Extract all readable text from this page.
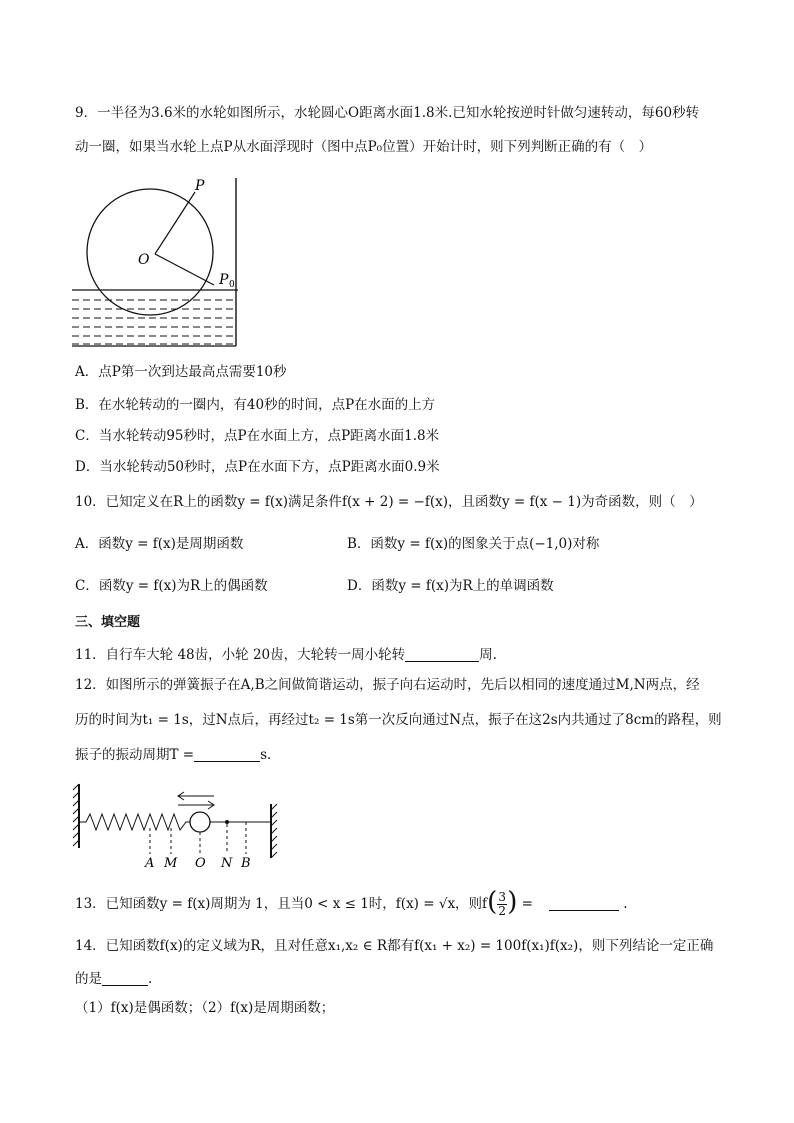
9．一半径为3.6米的水轮如图所示，水轮圆心O距离水面1.8米.已知水轮按逆时针做匀速转动，每60秒转
动一圈，如果当水轮上点P从水面浮现时（图中点P₀位置）开始计时，则下列判断正确的有（　）
P
O
P 0
A．点P第一次到达最高点需要10秒
B．在水轮转动的一圈内，有40秒的时间，点P在水面的上方
C．当水轮转动95秒时，点P在水面上方，点P距离水面1.8米
D．当水轮转动50秒时，点P在水面下方，点P距离水面0.9米
10．已知定义在R上的函数y = f(x)满足条件f(x + 2) = −f(x)，且函数y = f(x − 1)为奇函数，则（　）
A．函数y = f(x)是周期函数	B．函数y = f(x)的图象关于点(−1,0)对称
C．函数y = f(x)为R上的偶函数	D．函数y = f(x)为R上的单调函数
三、填空题
11．自行车大轮 48齿，小轮 20齿，大轮转一周小轮转	周.
12．如图所示的弹簧振子在A,B之间做简谐运动，振子向右运动时，先后以相同的速度通过M,N两点，经
历的时间为t₁ = 1s，过N点后，再经过t₂ = 1s第一次反向通过N点，振子在这2s内共通过了8cm的路程，则
振子的振动周期T =	s．
A M O N B
13．已知函数y = f(x)周期为 1，且当0 < x ≤ 1时，f(x) = √x，则$f( \frac{3}{2}$ ) =	.
14．已知函数f(x)的定义域为R，且对任意x₁,x₂ ∈ R都有f(x₁ + x₂) = 100f(x₁)f(x₂)，则下列结论一定正确
的是	.
（1）f(x)是偶函数；（2）f(x)是周期函数；
